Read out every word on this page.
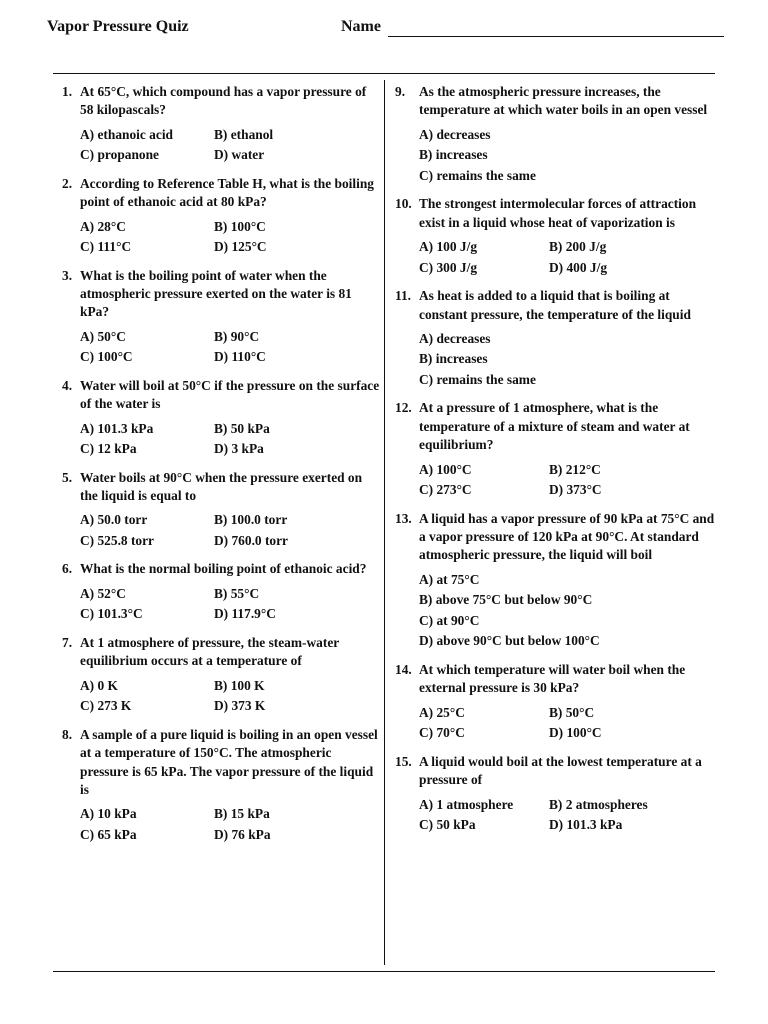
Vapor Pressure Quiz	Name
1. At 65°C, which compound has a vapor pressure of 58 kilopascals?
A) ethanoic acid	B) ethanol
C) propanone	D) water
2. According to Reference Table H, what is the boiling point of ethanoic acid at 80 kPa?
A) 28°C	B) 100°C
C) 111°C	D) 125°C
3. What is the boiling point of water when the atmospheric pressure exerted on the water is 81 kPa?
A) 50°C	B) 90°C
C) 100°C	D) 110°C
4. Water will boil at 50°C if the pressure on the surface of the water is
A) 101.3 kPa	B) 50 kPa
C) 12 kPa	D) 3 kPa
5. Water boils at 90°C when the pressure exerted on the liquid is equal to
A) 50.0 torr	B) 100.0 torr
C) 525.8 torr	D) 760.0 torr
6. What is the normal boiling point of ethanoic acid?
A) 52°C	B) 55°C
C) 101.3°C	D) 117.9°C
7. At 1 atmosphere of pressure, the steam-water equilibrium occurs at a temperature of
A) 0 K	B) 100 K
C) 273 K	D) 373 K
8. A sample of a pure liquid is boiling in an open vessel at a temperature of 150°C. The atmospheric pressure is 65 kPa. The vapor pressure of the liquid is
A) 10 kPa	B) 15 kPa
C) 65 kPa	D) 76 kPa
9.	As the atmospheric pressure increases, the temperature at which water boils in an open vessel
A) decreases
B) increases
C) remains the same
10. The strongest intermolecular forces of attraction exist in a liquid whose heat of vaporization is
A) 100 J/g	B) 200 J/g
C) 300 J/g	D) 400 J/g
11. As heat is added to a liquid that is boiling at constant pressure, the temperature of the liquid
A) decreases
B) increases
C) remains the same
12. At a pressure of 1 atmosphere, what is the temperature of a mixture of steam and water at equilibrium?
A) 100°C	B) 212°C
C) 273°C	D) 373°C
13. A liquid has a vapor pressure of 90 kPa at 75°C and a vapor pressure of 120 kPa at 90°C. At standard atmospheric pressure, the liquid will boil
A) at 75°C
B) above 75°C but below 90°C
C) at 90°C
D) above 90°C but below 100°C
14. At which temperature will water boil when the external pressure is 30 kPa?
A) 25°C	B) 50°C
C) 70°C	D) 100°C
15. A liquid would boil at the lowest temperature at a pressure of
A) 1 atmosphere	B) 2 atmospheres
C) 50 kPa	D) 101.3 kPa
